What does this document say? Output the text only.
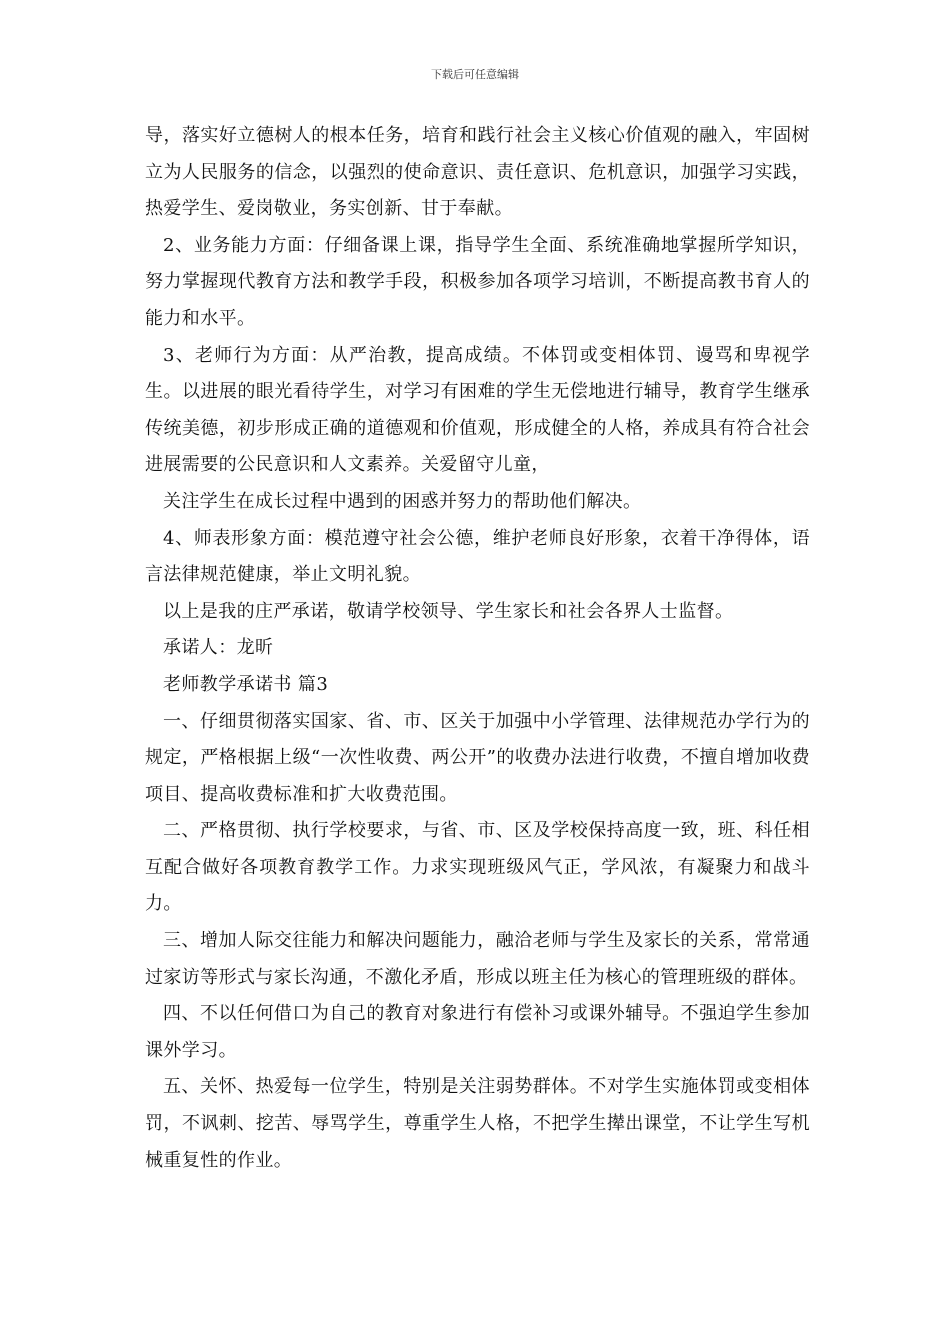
下载后可任意编辑

导，落实好立德树人的根本任务，培育和践行社会主义核心价值观的融入，牢固树立为人民服务的信念，以强烈的使命意识、责任意识、危机意识，加强学习实践，热爱学生、爱岗敬业，务实创新、甘于奉献。

2、业务能力方面：仔细备课上课，指导学生全面、系统准确地掌握所学知识，努力掌握现代教育方法和教学手段，积极参加各项学习培训，不断提高教书育人的能力和水平。

3、老师行为方面：从严治教，提高成绩。不体罚或变相体罚、谩骂和卑视学生。以进展的眼光看待学生，对学习有困难的学生无偿地进行辅导，教育学生继承传统美德，初步形成正确的道德观和价值观，形成健全的人格，养成具有符合社会进展需要的公民意识和人文素养。关爱留守儿童，

关注学生在成长过程中遇到的困惑并努力的帮助他们解决。

4、师表形象方面：模范遵守社会公德，维护老师良好形象，衣着干净得体，语言法律规范健康，举止文明礼貌。

以上是我的庄严承诺，敬请学校领导、学生家长和社会各界人士监督。

承诺人：龙昕

老师教学承诺书 篇3

一、仔细贯彻落实国家、省、市、区关于加强中小学管理、法律规范办学行为的规定，严格根据上级“一次性收费、两公开”的收费办法进行收费，不擅自增加收费项目、提高收费标准和扩大收费范围。

二、严格贯彻、执行学校要求，与省、市、区及学校保持高度一致，班、科任相互配合做好各项教育教学工作。力求实现班级风气正，学风浓，有凝聚力和战斗力。

三、增加人际交往能力和解决问题能力，融洽老师与学生及家长的关系，常常通过家访等形式与家长沟通，不激化矛盾，形成以班主任为核心的管理班级的群体。

四、不以任何借口为自己的教育对象进行有偿补习或课外辅导。不强迫学生参加课外学习。

五、关怀、热爱每一位学生，特别是关注弱势群体。不对学生实施体罚或变相体罚，不讽刺、挖苦、辱骂学生，尊重学生人格，不把学生撵出课堂，不让学生写机械重复性的作业。
